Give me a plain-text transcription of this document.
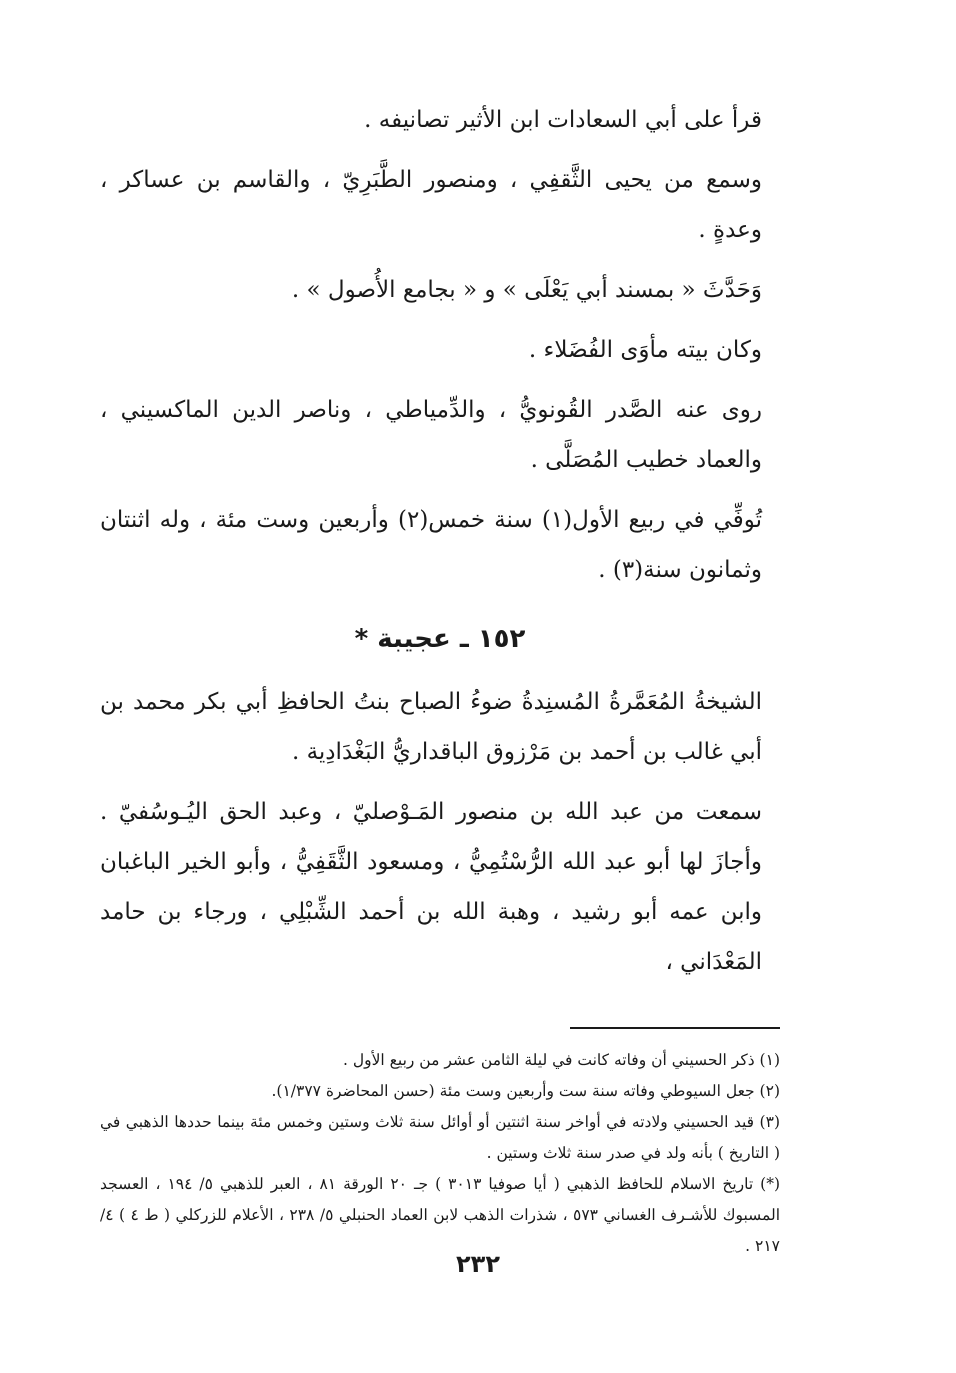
قرأ على أبي السعادات ابن الأثير تصانيفه .

وسمع من يحيى الثَّقفِي ، ومنصور الطَّبَرِيّ ، والقاسم بن عساكر ، وعدةٍ .

وَحَدَّثَ « بمسند أبي يَعْلَى » و « بجامع الأُصول » .

وكان بيته مأوَى الفُضَلاء .

روى عنه الصَّدر القُونويُّ ، والدِّمياطي ، وناصر الدين الماكسيني ، والعماد خطيب المُصَلَّى .

تُوفِّي في ربيع الأول(١) سنة خمس(٢) وأربعين وست مئة ، وله اثنتان وثمانون سنة(٣) .

١٥٢ ـ عجيبة *

الشيخةُ المُعَمَّرةُ المُسنِدةُ ضوءُ الصباح بنتُ الحافظِ أبي بكر محمد بن أبي غالب بن أحمد بن مَرْزوق الباقداريُّ البَغْدَادِية .

سمعت من عبد الله بن منصور المَـوْصليّ ، وعبد الحق اليُـوسُفيّ . وأجازَ لها أبو عبد الله الرُّسْتُمِيُّ ، ومسعود الثَّقَفِيُّ ، وأبو الخير الباغبان وابن عمه أبو رشيد ، وهبة الله بن أحمد الشِّبْلِي ، ورجاء بن حامد المَعْدَاني ،

(١) ذكر الحسيني أن وفاته كانت في ليلة الثامن عشر من ربيع الأول .

(٢) جعل السيوطي وفاته سنة ست وأربعين وست مئة (حسن المحاضرة ١/٣٧٧).

(٣) قيد الحسيني ولادته في أواخر سنة اثنتين أو أوائل سنة ثلاث وستين وخمس مئة بينما حددها الذهبي في ( التاريخ ) بأنه ولد في صدر سنة ثلاث وستين .

(*) تاريخ الاسلام للحافظ الذهبي ( أيا صوفيا ٣٠١٣ ) جـ ٢٠ الورقة ٨١ ، العبر للذهبي ٥/ ١٩٤ ، العسجد المسبوك للأشـرف الغساني ٥٧٣ ، شذرات الذهب لابن العماد الحنبلي ٥/ ٢٣٨ ، الأعلام للزركلي ( ط ٤ ) ٤/ ٢١٧ .

٢٣٢
